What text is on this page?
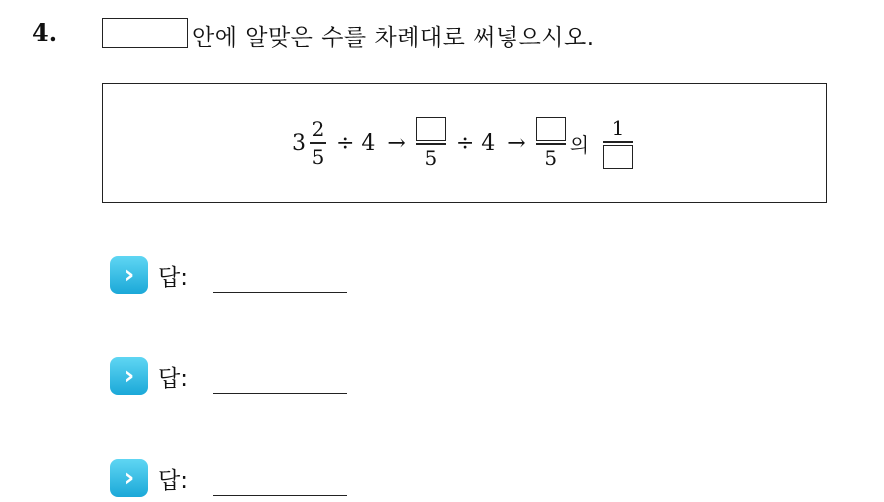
4.	안에 알맞은 수를 차례대로 써넣으시오.
$3 \frac{2}{5} \div 4$ →
5
÷ 4 →
5
의
1
›	답:
›	답:
›	답:
